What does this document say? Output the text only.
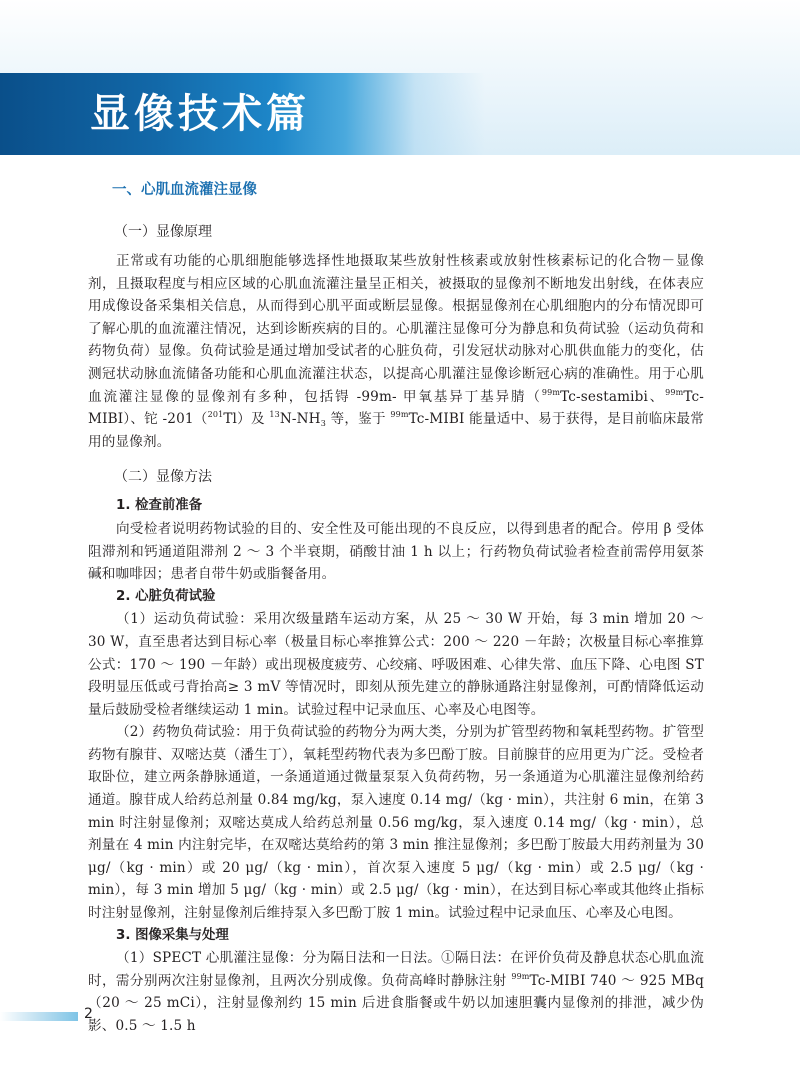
显像技术篇
一、心肌血流灌注显像
（一）显像原理

正常或有功能的心肌细胞能够选择性地摄取某些放射性核素或放射性核素标记的化合物－显像剂，且摄取程度与相应区域的心肌血流灌注量呈正相关，被摄取的显像剂不断地发出射线，在体表应用成像设备采集相关信息，从而得到心肌平面或断层显像。根据显像剂在心肌细胞内的分布情况即可了解心肌的血流灌注情况，达到诊断疾病的目的。心肌灌注显像可分为静息和负荷试验（运动负荷和药物负荷）显像。负荷试验是通过增加受试者的心脏负荷，引发冠状动脉对心肌供血能力的变化，估测冠状动脉血流储备功能和心肌血流灌注状态，以提高心肌灌注显像诊断冠心病的准确性。用于心肌血流灌注显像的显像剂有多种，包括锝 -99m- 甲氧基异丁基异腈（$^{99m}$Tc-sestamibi、$^{99m}$Tc-MIBI）、铊 -201（$^{201}$Tl）及 $^{13}N-NH_3$ 等，鉴于 $^{99m}$Tc-MIBI 能量适中、易于获得，是目前临床最常用的显像剂。

（二）显像方法
1. 检查前准备

向受检者说明药物试验的目的、安全性及可能出现的不良反应，以得到患者的配合。停用 β 受体阻滞剂和钙通道阻滞剂 2 ～ 3 个半衰期，硝酸甘油 1 h 以上；行药物负荷试验者检查前需停用氨茶碱和咖啡因；患者自带牛奶或脂餐备用。

2. 心脏负荷试验

（1）运动负荷试验：采用次级量踏车运动方案，从 25 ～ 30 W 开始，每 3 min 增加 20 ～ 30 W，直至患者达到目标心率（极量目标心率推算公式：200 ～ 220 －年龄；次极量目标心率推算公式：170 ～ 190 －年龄）或出现极度疲劳、心绞痛、呼吸困难、心律失常、血压下降、心电图 ST 段明显压低或弓背抬高≥ 3 mV 等情况时，即刻从预先建立的静脉通路注射显像剂，可酌情降低运动量后鼓励受检者继续运动 1 min。试验过程中记录血压、心率及心电图等。

（2）药物负荷试验：用于负荷试验的药物分为两大类，分别为扩管型药物和氧耗型药物。扩管型药物有腺苷、双嘧达莫（潘生丁），氧耗型药物代表为多巴酚丁胺。目前腺苷的应用更为广泛。受检者取卧位，建立两条静脉通道，一条通道通过微量泵泵入负荷药物，另一条通道为心肌灌注显像剂给药通道。腺苷成人给药总剂量 0.84 mg/kg，泵入速度 0.14 mg/（kg · min），共注射 6 min，在第 3 min 时注射显像剂；双嘧达莫成人给药总剂量 0.56 mg/kg，泵入速度 0.14 mg/（kg · min），总剂量在 4 min 内注射完毕，在双嘧达莫给药的第 3 min 推注显像剂；多巴酚丁胺最大用药剂量为 30 μg/（kg · min）或 20 μg/（kg · min），首次泵入速度 5 μg/（kg · min）或 2.5 μg/（kg · min），每 3 min 增加 5 μg/（kg · min）或 2.5 μg/（kg · min），在达到目标心率或其他终止指标时注射显像剂，注射显像剂后维持泵入多巴酚丁胺 1 min。试验过程中记录血压、心率及心电图。

3. 图像采集与处理

（1）SPECT 心肌灌注显像：分为隔日法和一日法。①隔日法：在评价负荷及静息状态心肌血流时，需分别两次注射显像剂，且两次分别成像。负荷高峰时静脉注射 $^{99m}$Tc-MIBI 740 ～ 925 MBq（20 ～ 25 mCi），注射显像剂约 15 min 后进食脂餐或牛奶以加速胆囊内显像剂的排泄，减少伪影、0.5 ～ 1.5 h

2
